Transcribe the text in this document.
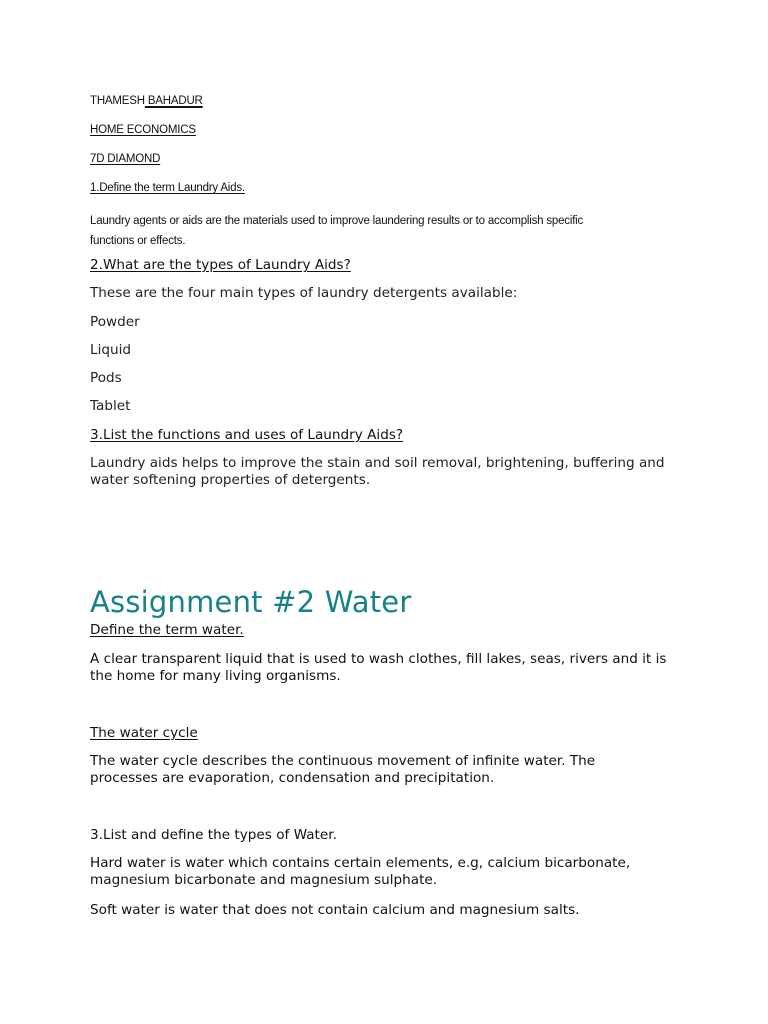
THAMESH BAHADUR

HOME ECONOMICS

7D DIAMOND

1.Define the term Laundry Aids.

Laundry agents or aids are the materials used to improve laundering results or to accomplish specific
functions or effects.

2.What are the types of Laundry Aids?

These are the four main types of laundry detergents available:

Powder

Liquid

Pods

Tablet

3.List the functions and uses of Laundry Aids?

Laundry aids helps to improve the stain and soil removal, brightening, buffering and
water softening properties of detergents.

Assignment #2 Water

Define the term water.

A clear transparent liquid that is used to wash clothes, fill lakes, seas, rivers and it is
the home for many living organisms.

The water cycle

The water cycle describes the continuous movement of infinite water. The
processes are evaporation, condensation and precipitation.

3.List and define the types of Water.

Hard water is water which contains certain elements, e.g, calcium bicarbonate,
magnesium bicarbonate and magnesium sulphate.

Soft water is water that does not contain calcium and magnesium salts.
